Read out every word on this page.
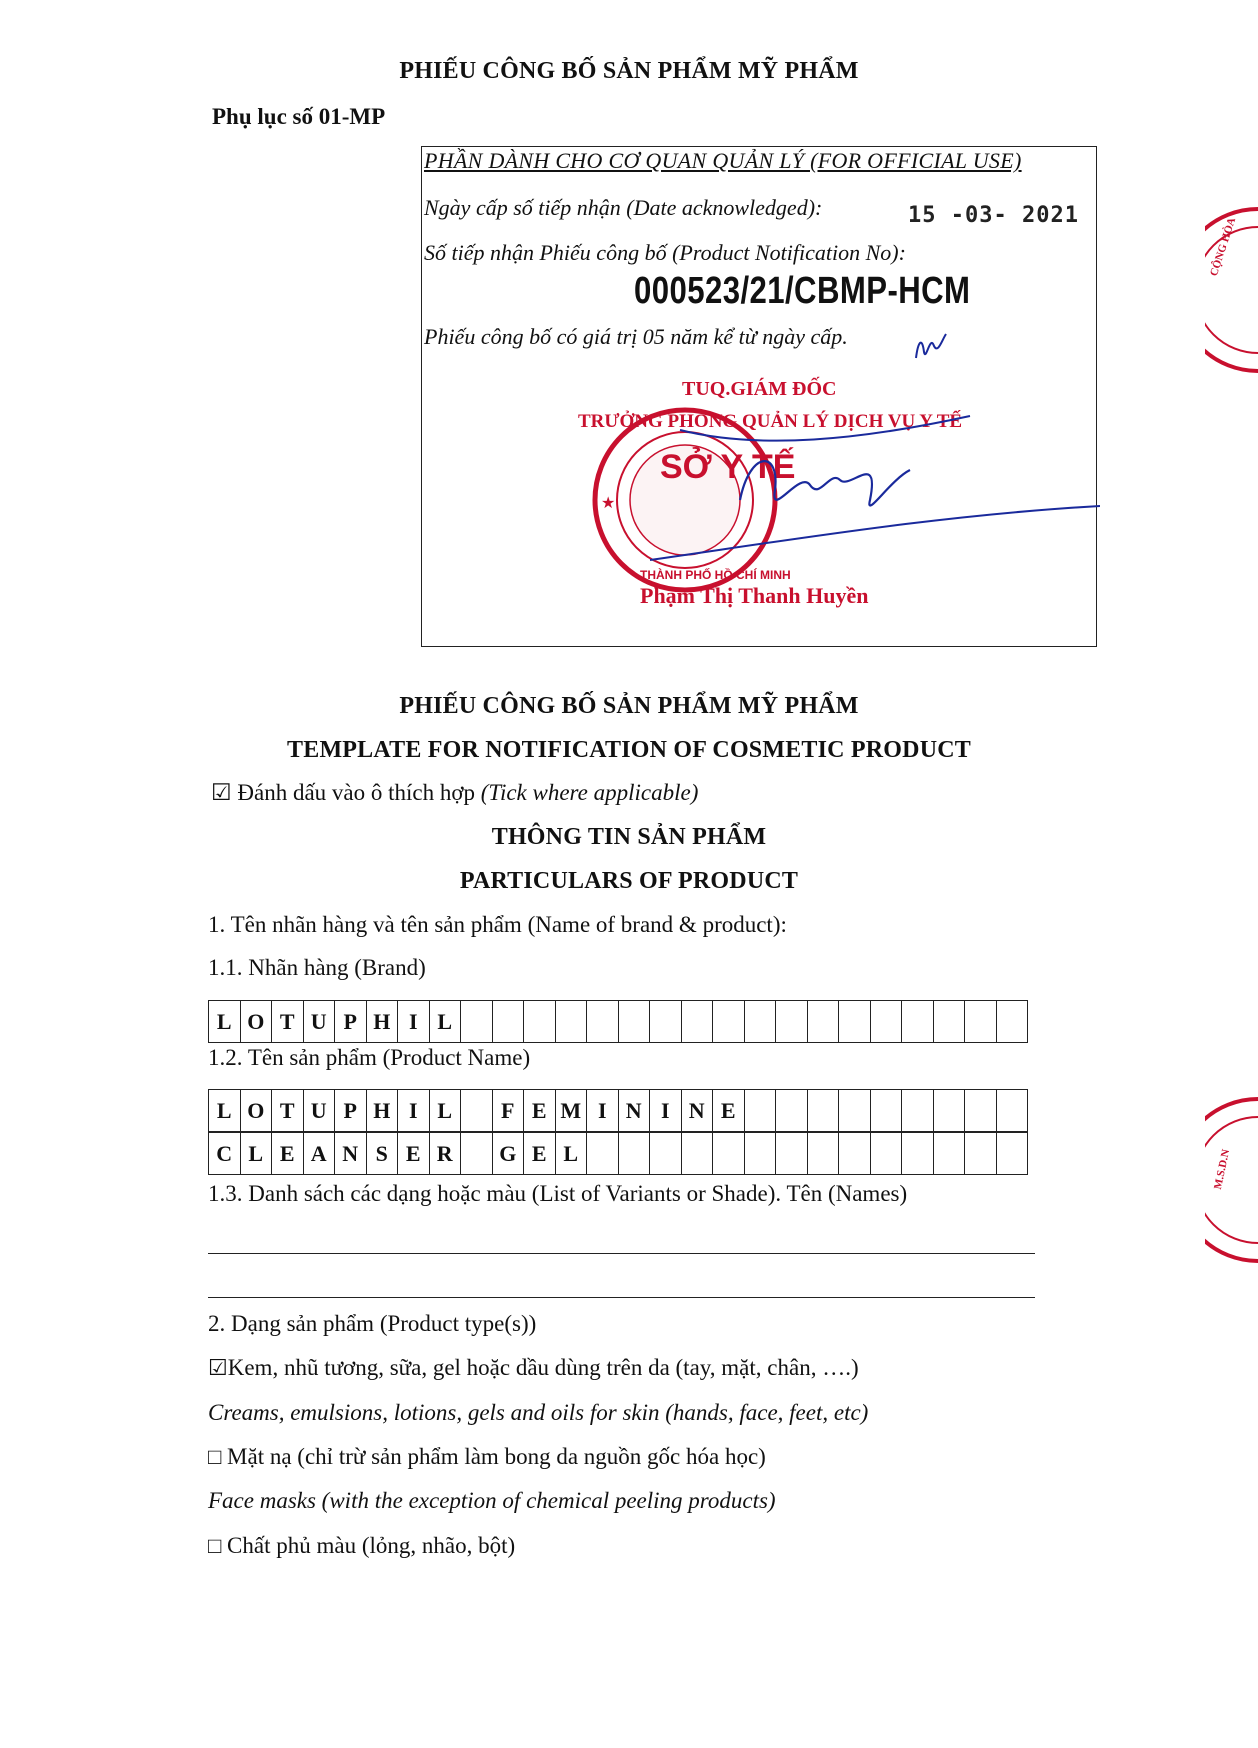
PHIẾU CÔNG BỐ SẢN PHẨM MỸ PHẨM
Phụ lục số 01-MP
PHẦN DÀNH CHO CƠ QUAN QUẢN LÝ (FOR OFFICIAL USE)
Ngày cấp số tiếp nhận (Date acknowledged):	15 -03- 2021
Số tiếp nhận Phiếu công bố (Product Notification No):
000523/21/CBMP-HCM
Phiếu công bố có giá trị 05 năm kể từ ngày cấp.
TUQ.GIÁM ĐỐC
TRƯỞNG PHÒNG QUẢN LÝ DỊCH VỤ Y TẾ
★
SỞ Y TẾ
THÀNH PHỐ HỒ CHÍ MINH
Phạm Thị Thanh Huyền
CỘNG HÒA
M.S.D.N
PHIẾU CÔNG BỐ SẢN PHẨM MỸ PHẨM
TEMPLATE FOR NOTIFICATION OF COSMETIC PRODUCT
☑ Đánh dấu vào ô thích hợp (Tick where applicable)
THÔNG TIN SẢN PHẨM
PARTICULARS OF PRODUCT
1. Tên nhãn hàng và tên sản phẩm (Name of brand & product):
1.1. Nhãn hàng (Brand)
L O T U P H I L
1.2. Tên sản phẩm (Product Name)
L O T U P H I L	F E M I N I N E
C L E A N S E R	G E L
1.3. Danh sách các dạng hoặc màu (List of Variants or Shade). Tên (Names)
2. Dạng sản phẩm (Product type(s))
☑Kem, nhũ tương, sữa, gel hoặc dầu dùng trên da (tay, mặt, chân, ….)
Creams, emulsions, lotions, gels and oils for skin (hands, face, feet, etc)
□ Mặt nạ (chỉ trừ sản phẩm làm bong da nguồn gốc hóa học)
Face masks (with the exception of chemical peeling products)
□ Chất phủ màu (lỏng, nhão, bột)
